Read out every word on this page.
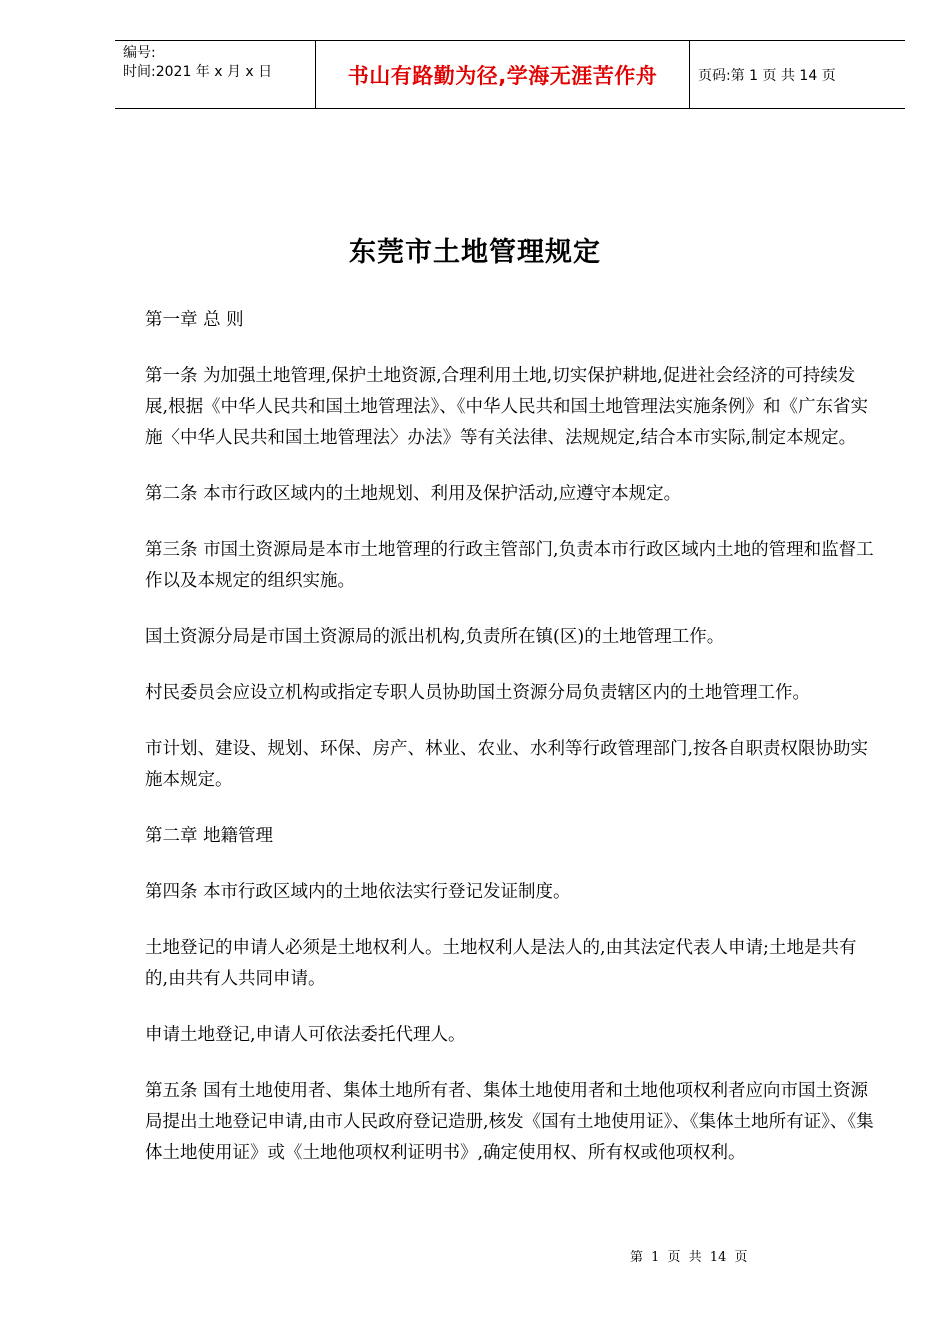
编号:
时间:2021 年 x 月 x 日	书山有路勤为径,学海无涯苦作舟	页码:第 1 页 共 14 页
东莞市土地管理规定

第一章 总 则

第一条 为加强土地管理,保护土地资源,合理利用土地,切实保护耕地,促进社会经济的可持续发展,根据《中华人民共和国土地管理法》、《中华人民共和国土地管理法实施条例》和《广东省实施〈中华人民共和国土地管理法〉办法》等有关法律、法规规定,结合本市实际,制定本规定。

第二条 本市行政区域内的土地规划、利用及保护活动,应遵守本规定。

第三条 市国土资源局是本市土地管理的行政主管部门,负责本市行政区域内土地的管理和监督工作以及本规定的组织实施。

国土资源分局是市国土资源局的派出机构,负责所在镇(区)的土地管理工作。

村民委员会应设立机构或指定专职人员协助国土资源分局负责辖区内的土地管理工作。

市计划、建设、规划、环保、房产、林业、农业、水利等行政管理部门,按各自职责权限协助实施本规定。

第二章 地籍管理

第四条 本市行政区域内的土地依法实行登记发证制度。

土地登记的申请人必须是土地权利人。土地权利人是法人的,由其法定代表人申请;土地是共有的,由共有人共同申请。

申请土地登记,申请人可依法委托代理人。

第五条 国有土地使用者、集体土地所有者、集体土地使用者和土地他项权利者应向市国土资源局提出土地登记申请,由市人民政府登记造册,核发《国有土地使用证》、《集体土地所有证》、《集体土地使用证》或《土地他项权利证明书》,确定使用权、所有权或他项权利。

第 1 页 共 14 页
